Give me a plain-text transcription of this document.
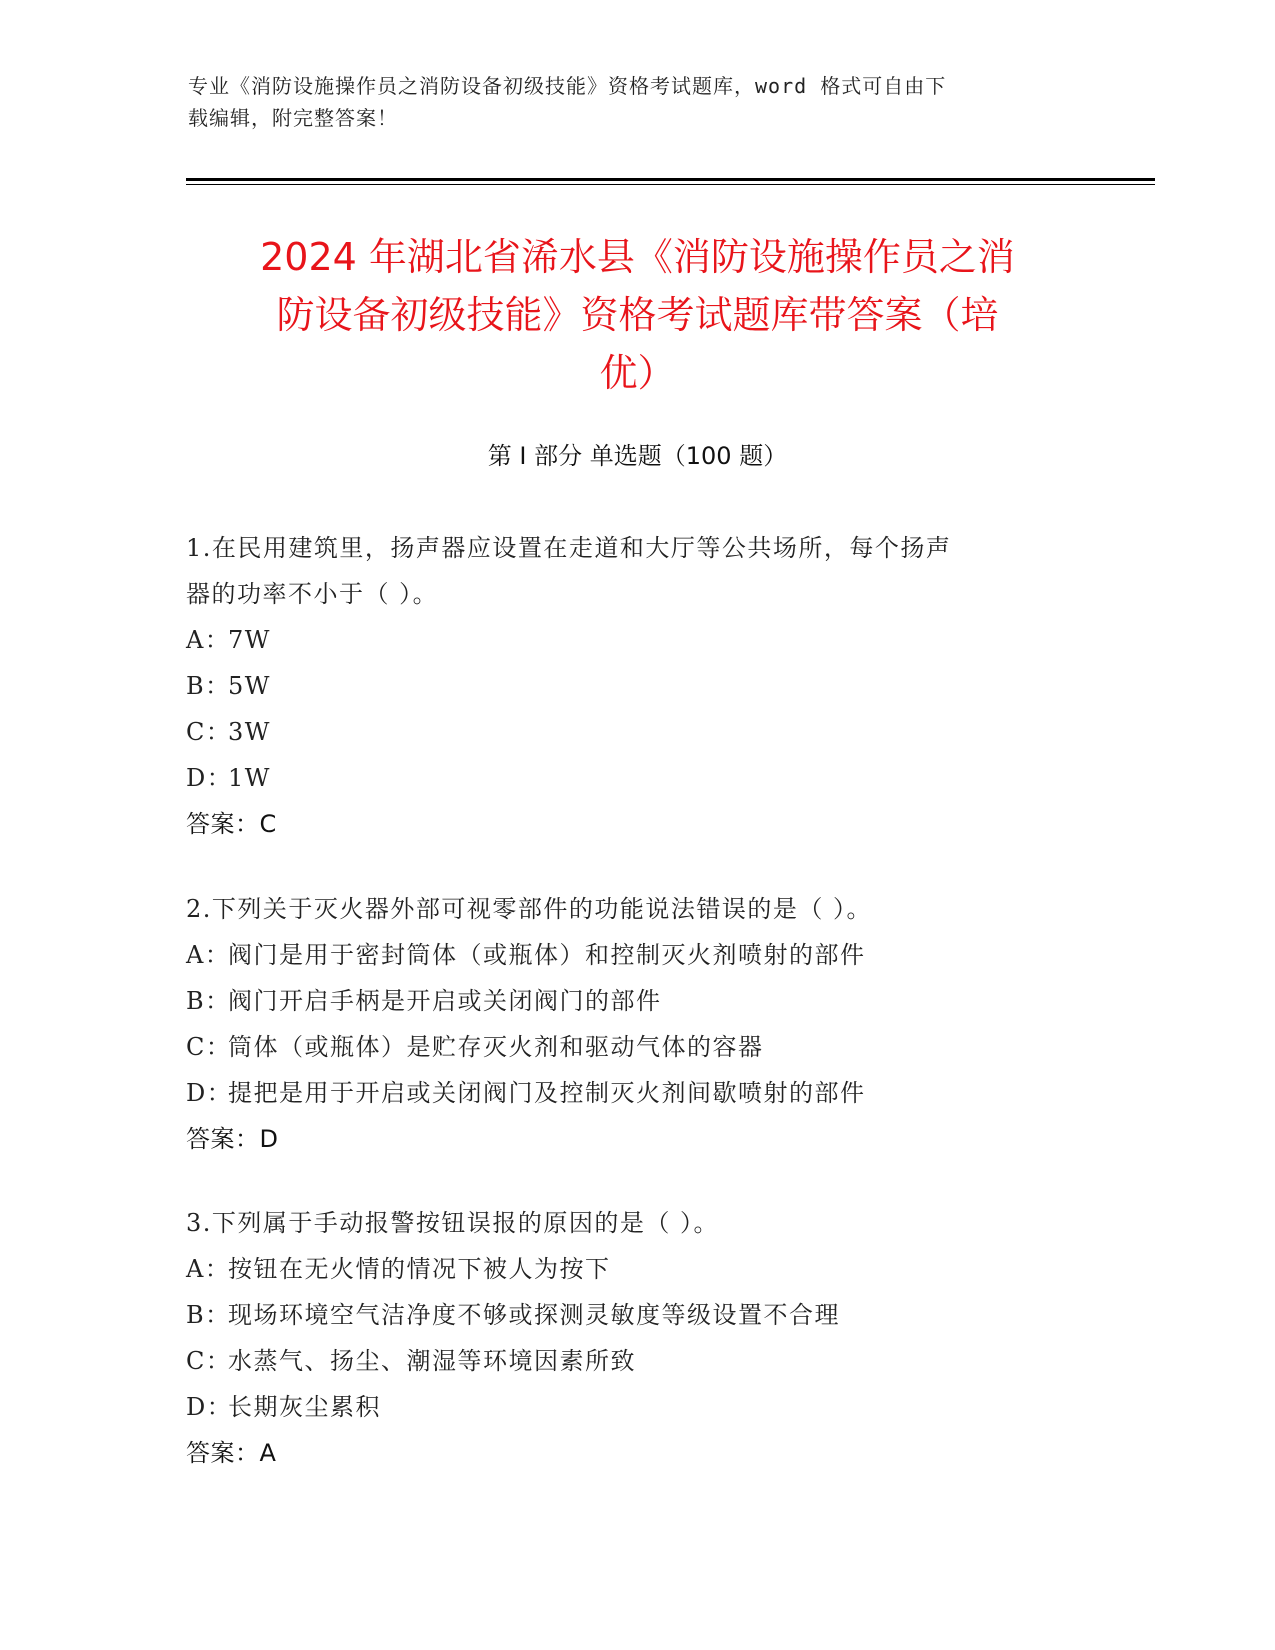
专业《消防设施操作员之消防设备初级技能》资格考试题库，word 格式可自由下
载编辑，附完整答案！
2024 年湖北省浠水县《消防设施操作员之消
防设备初级技能》资格考试题库带答案（培
优）
第 I 部分 单选题（100 题）
1.在民用建筑里，扬声器应设置在走道和大厅等公共场所，每个扬声
器的功率不小于（ ）。
A：7W
B：5W
C：3W
D：1W
答案：C
2.下列关于灭火器外部可视零部件的功能说法错误的是（ ）。
A：阀门是用于密封筒体（或瓶体）和控制灭火剂喷射的部件
B：阀门开启手柄是开启或关闭阀门的部件
C：筒体（或瓶体）是贮存灭火剂和驱动气体的容器
D：提把是用于开启或关闭阀门及控制灭火剂间歇喷射的部件
答案：D
3.下列属于手动报警按钮误报的原因的是（ ）。
A：按钮在无火情的情况下被人为按下
B：现场环境空气洁净度不够或探测灵敏度等级设置不合理
C：水蒸气、扬尘、潮湿等环境因素所致
D：长期灰尘累积
答案：A
